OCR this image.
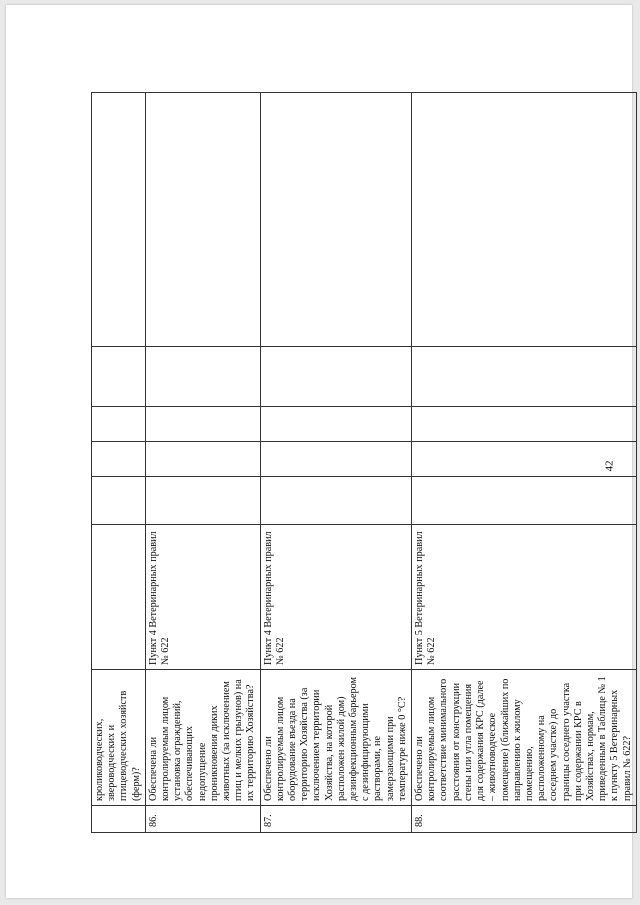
42
	кролиководческих, звероводческих и птицеводческих хозяйств (ферм)?						
86.	Обеспечена ли контролируемым лицом установка ограждений, обеспечивающих недопущение проникновения диких животных (за исключением птиц и мелких грызунов) на их территорию Хозяйства?	Пункт 4 Ветеринарных правил № 622					
87.	Обеспечено ли контролируемым лицом оборудование въезда на территорию Хозяйства (за исключением территории Хозяйства, на которой расположен жилой дом) дезинфекционным барьером с дезинфицирующими растворами, не замерзающими при температуре ниже 0 °С?	Пункт 4 Ветеринарных правил № 622					
88.	Обеспечено ли контролируемым лицом соответствие минимального расстояния от конструкции стены или угла помещения для содержания КРС (далее – животноводческое помещение) (ближайших по направлению к жилому помещению, расположенному на соседнем участке) до границы соседнего участка при содержании КРС в Хозяйствах, нормам, приведенным в Таблице № 1 к пункту 5 Ветеринарных правил № 622?	Пункт 5 Ветеринарных правил № 622					
